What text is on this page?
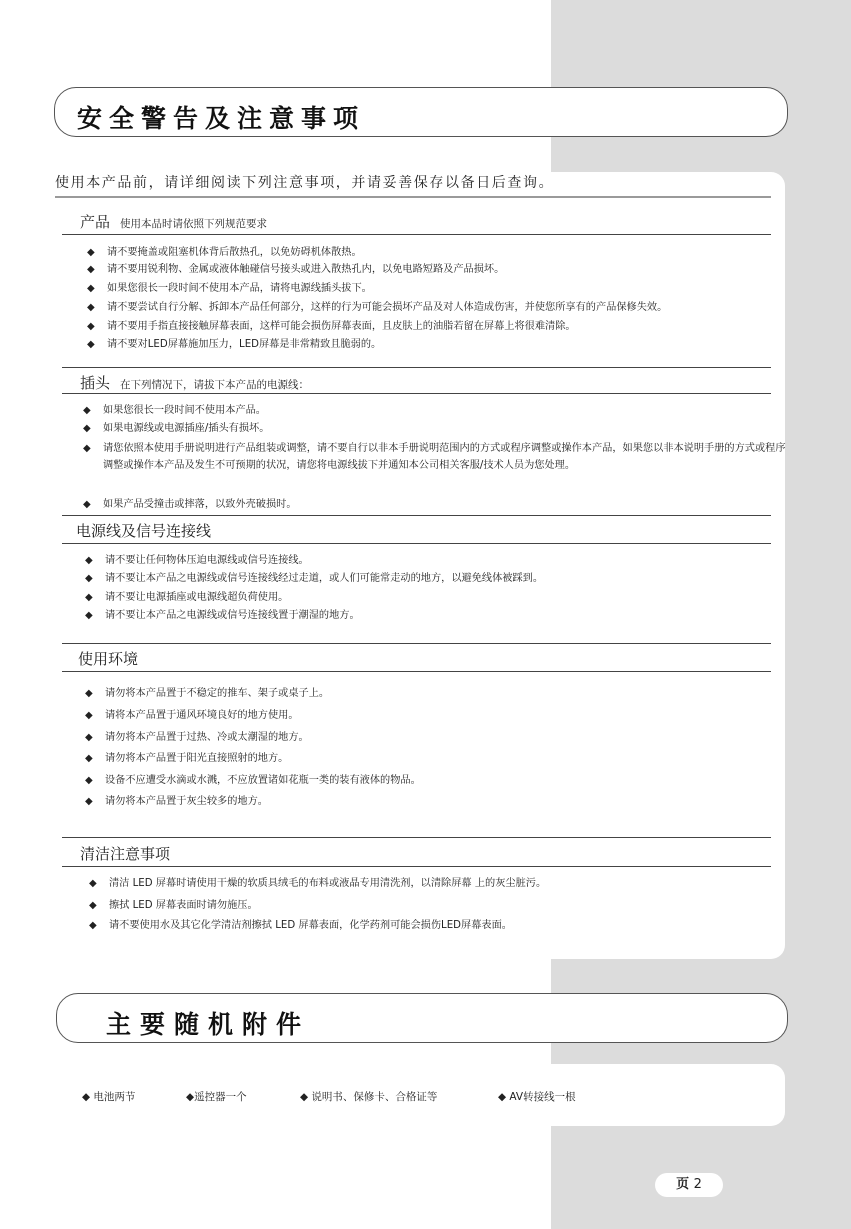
安全警告及注意事项
使用本产品前，请详细阅读下列注意事项，并请妥善保存以备日后查询。
产品 使用本品时请依照下列规范要求
◆ 请不要掩盖或阻塞机体背后散热孔，以免妨碍机体散热。
◆ 请不要用锐利物、金属或液体触碰信号接头或进入散热孔内，以免电路短路及产品损坏。
◆ 如果您很长一段时间不使用本产品，请将电源线插头拔下。
◆ 请不要尝试自行分解、拆卸本产品任何部分，这样的行为可能会损坏产品及对人体造成伤害，并使您所享有的产品保修失效。
◆ 请不要用手指直接接触屏幕表面，这样可能会损伤屏幕表面，且皮肤上的油脂若留在屏幕上将很难清除。
◆ 请不要对LED屏幕施加压力，LED屏幕是非常精致且脆弱的。
插头 在下列情况下，请拔下本产品的电源线：
◆ 如果您很长一段时间不使用本产品。
◆ 如果电源线或电源插座/插头有损坏。
◆ 请您依照本使用手册说明进行产品组装或调整，请不要自行以非本手册说明范围内的方式或程序调整或操作本产品，如果您以非本说明手册的方式或程序调整或操作本产品及发生不可预期的状况，请您将电源线拔下并通知本公司相关客服/技术人员为您处理。
◆ 如果产品受撞击或摔落，以致外壳破损时。
电源线及信号连接线
◆ 请不要让任何物体压迫电源线或信号连接线。
◆ 请不要让本产品之电源线或信号连接线经过走道，或人们可能常走动的地方，以避免线体被踩到。
◆ 请不要让电源插座或电源线超负荷使用。
◆ 请不要让本产品之电源线或信号连接线置于潮湿的地方。
使用环境
◆ 请勿将本产品置于不稳定的推车、架子或桌子上。
◆ 请将本产品置于通风环境良好的地方使用。
◆ 请勿将本产品置于过热、冷或太潮湿的地方。
◆ 请勿将本产品置于阳光直接照射的地方。
◆ 设备不应遭受水滴或水溅，不应放置诸如花瓶一类的装有液体的物品。
◆ 请勿将本产品置于灰尘较多的地方。
清洁注意事项
◆ 清洁 LED 屏幕时请使用干燥的软质具绒毛的布料或液晶专用清洗剂，以清除屏幕 上的灰尘脏污。
◆ 擦拭 LED 屏幕表面时请勿施压。
◆ 请不要使用水及其它化学清洁剂擦拭 LED 屏幕表面，化学药剂可能会损伤LED屏幕表面。
主要随机附件
◆ 电池两节	◆遥控器一个	◆ 说明书、保修卡、合格证等	◆ AV转接线一根
页 2
